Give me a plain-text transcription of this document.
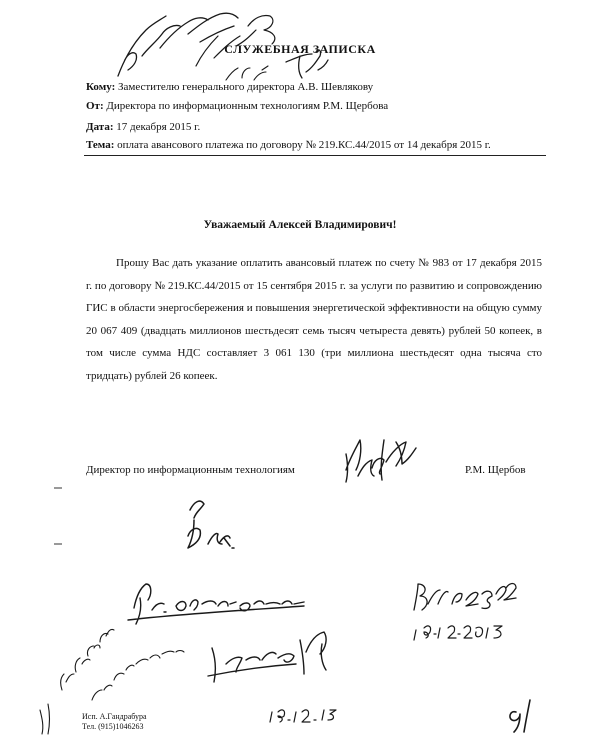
СЛУЖЕБНАЯ ЗАПИСКА
Кому: Заместителю генерального директора А.В. Шевлякову
От: Директора по информационным технологиям Р.М. Щербова
Дата: 17 декабря 2015 г.
Тема: оплата авансового платежа по договору № 219.КС.44/2015 от 14 декабря 2015 г.
Уважаемый Алексей Владимирович!
Прошу Вас дать указание оплатить авансовый платеж по счету № 983 от 17 декабря 2015 г. по договору № 219.КС.44/2015 от 15 сентября 2015 г. за услуги по развитию и сопровождению ГИС в области энергосбережения и повышения энергетической эффективности на общую сумму 20 067 409 (двадцать миллионов шестьдесят семь тысяч четыреста девять) рублей 50 копеек, в том числе сумма НДС составляет 3 061 130 (три миллиона шестьдесят одна тысяча сто тридцать) рублей 26 копеек.
Директор по информационным технологиям	Р.М. Щербов
Исп. А.Гандрабура
Тел. (915)1046263
